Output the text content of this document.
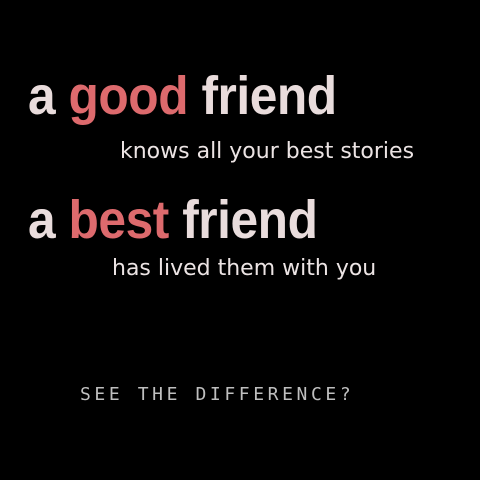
a good friend

knows all your best stories

a best friend

has lived them with you

SEE THE DIFFERENCE?
